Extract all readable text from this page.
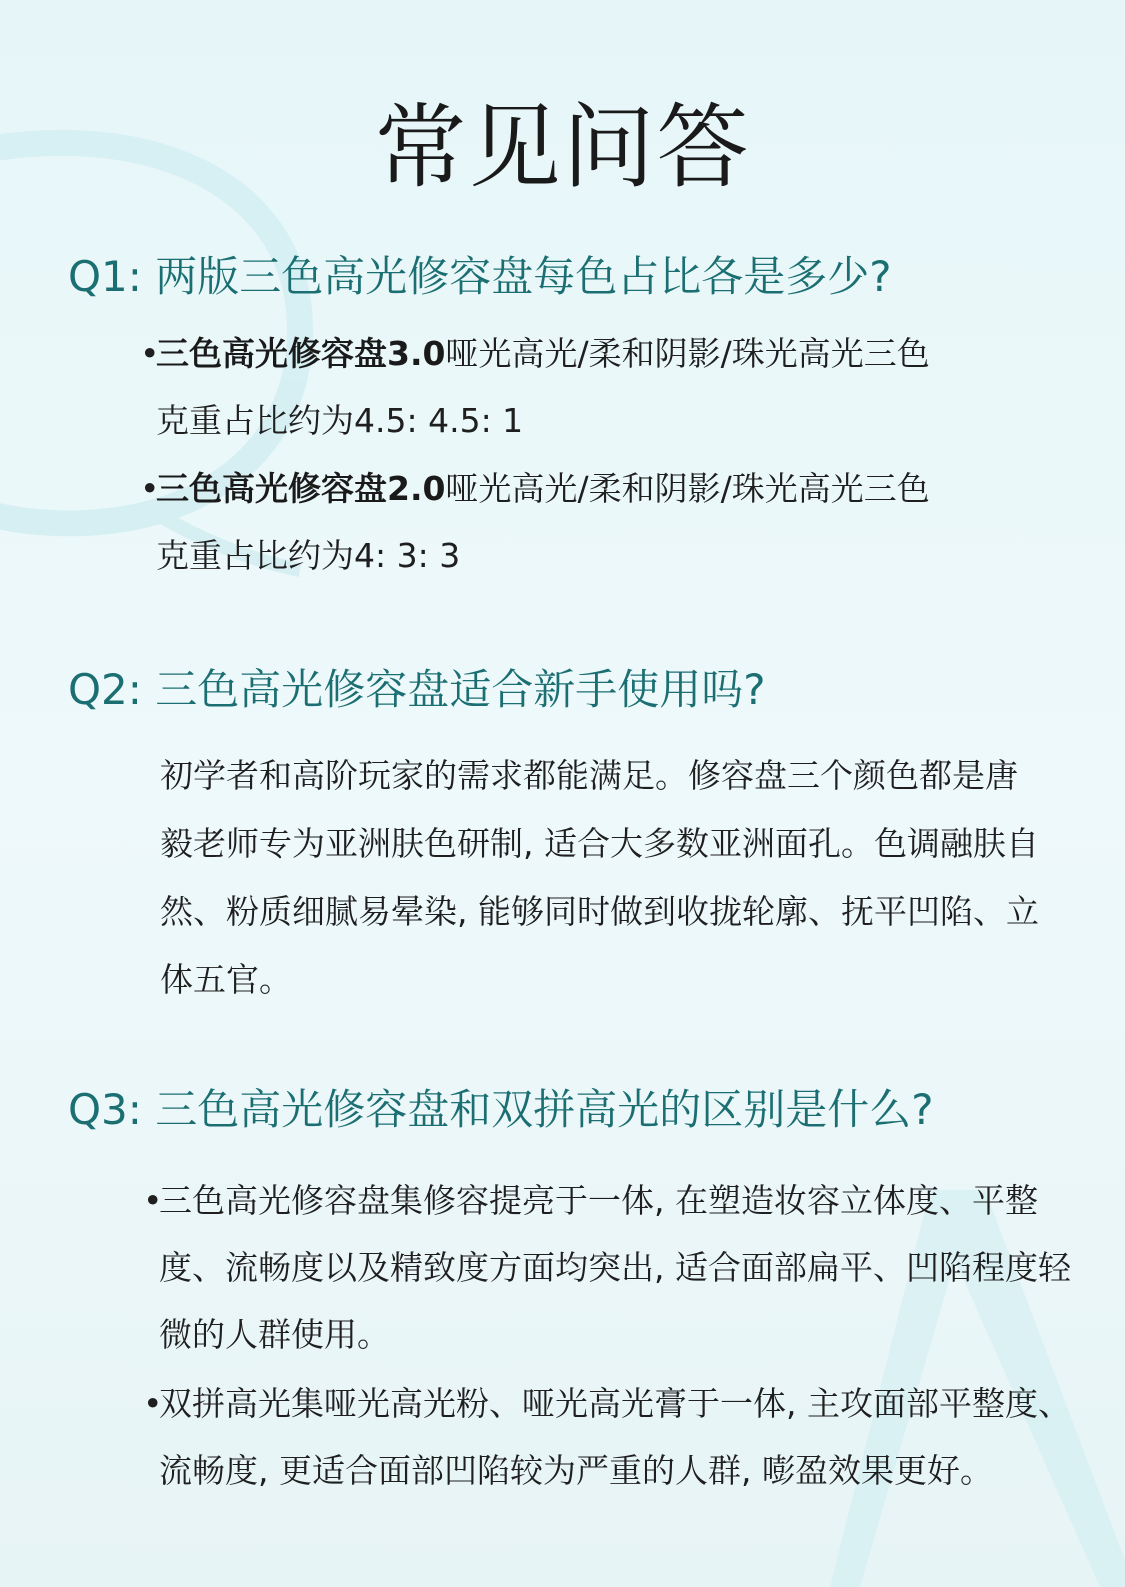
常见问答
Q1: 两版三色高光修容盘每色占比各是多少?
•三色高光修容盘3.0哑光高光/柔和阴影/珠光高光三色
克重占比约为4.5: 4.5: 1
•三色高光修容盘2.0哑光高光/柔和阴影/珠光高光三色
克重占比约为4: 3: 3
Q2: 三色高光修容盘适合新手使用吗?
初学者和高阶玩家的需求都能满足。修容盘三个颜色都是唐
毅老师专为亚洲肤色研制, 适合大多数亚洲面孔。色调融肤自
然、粉质细腻易晕染, 能够同时做到收拢轮廓、抚平凹陷、立
体五官。
Q3: 三色高光修容盘和双拼高光的区别是什么?
•三色高光修容盘集修容提亮于一体, 在塑造妆容立体度、平整
度、流畅度以及精致度方面均突出, 适合面部扁平、凹陷程度轻
微的人群使用。
•双拼高光集哑光高光粉、哑光高光膏于一体, 主攻面部平整度、
流畅度, 更适合面部凹陷较为严重的人群, 嘭盈效果更好。
